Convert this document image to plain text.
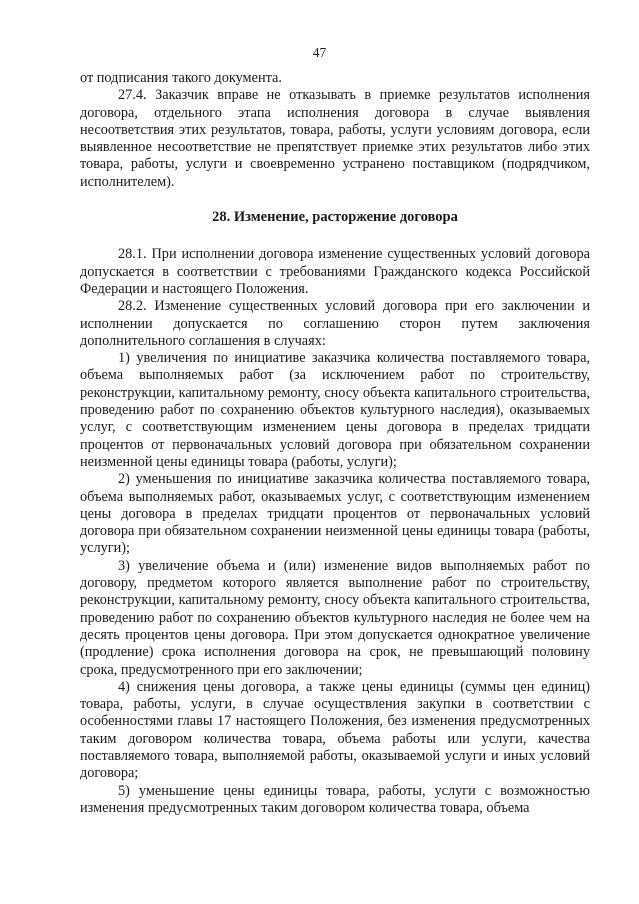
47

от подписания такого документа.

27.4. Заказчик вправе не отказывать в приемке результатов исполнения договора, отдельного этапа исполнения договора в случае выявления несоответствия этих результатов, товара, работы, услуги условиям договора, если выявленное несоответствие не препятствует приемке этих результатов либо этих товара, работы, услуги и своевременно устранено поставщиком (подрядчиком, исполнителем).

28. Изменение, расторжение договора

28.1. При исполнении договора изменение существенных условий договора допускается в соответствии с требованиями Гражданского кодекса Российской Федерации и настоящего Положения.

28.2. Изменение существенных условий договора при его заключении и исполнении допускается по соглашению сторон путем заключения дополнительного соглашения в случаях:

1) увеличения по инициативе заказчика количества поставляемого товара, объема выполняемых работ (за исключением работ по строительству, реконструкции, капитальному ремонту, сносу объекта капитального строительства, проведению работ по сохранению объектов культурного наследия), оказываемых услуг, с соответствующим изменением цены договора в пределах тридцати процентов от первоначальных условий договора при обязательном сохранении неизменной цены единицы товара (работы, услуги);

2) уменьшения по инициативе заказчика количества поставляемого товара, объема выполняемых работ, оказываемых услуг, с соответствующим изменением цены договора в пределах тридцати процентов от первоначальных условий договора при обязательном сохранении неизменной цены единицы товара (работы, услуги);

3) увеличение объема и (или) изменение видов выполняемых работ по договору, предметом которого является выполнение работ по строительству, реконструкции, капитальному ремонту, сносу объекта капитального строительства, проведению работ по сохранению объектов культурного наследия не более чем на десять процентов цены договора. При этом допускается однократное увеличение (продление) срока исполнения договора на срок, не превышающий половину срока, предусмотренного при его заключении;

4) снижения цены договора, а также цены единицы (суммы цен единиц) товара, работы, услуги, в случае осуществления закупки в соответствии с особенностями главы 17 настоящего Положения, без изменения предусмотренных таким договором количества товара, объема работы или услуги, качества поставляемого товара, выполняемой работы, оказываемой услуги и иных условий договора;

5) уменьшение цены единицы товара, работы, услуги с возможностью изменения предусмотренных таким договором количества товара, объема
